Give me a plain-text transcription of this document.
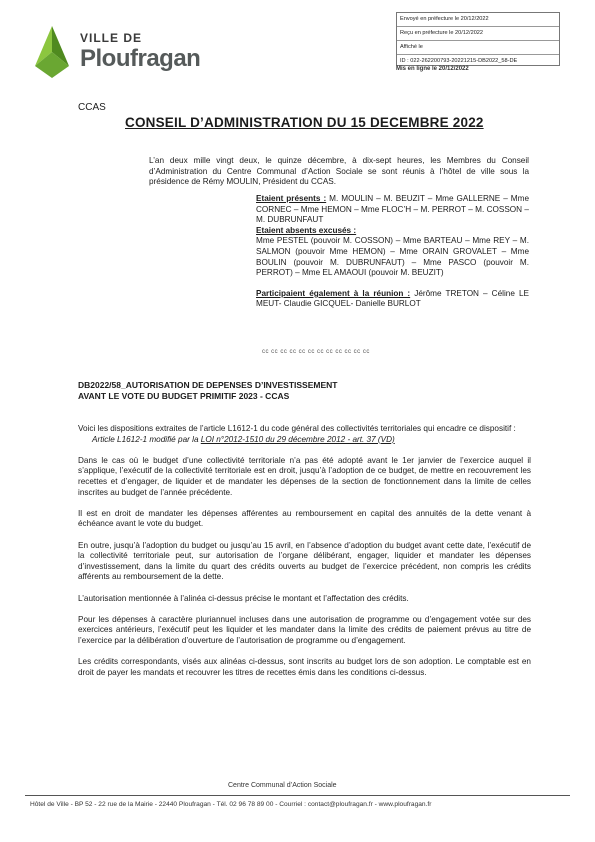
VILLE DE
Ploufragan
Envoyé en préfecture le 20/12/2022
Reçu en préfecture le 20/12/2022
Affiché le
ID : 022-262200793-20221215-DB2022_58-DE
Mis en ligne le 20/12/2022
CCAS
CONSEIL D’ADMINISTRATION DU 15 DECEMBRE 2022
L’an deux mille vingt deux, le quinze décembre, à dix-sept heures, les Membres du Conseil d’Administration du Centre Communal d’Action Sociale se sont réunis à l’hôtel de ville sous la présidence de Rémy MOULIN, Président du CCAS.

Etaient présents : M. MOULIN – M. BEUZIT – Mme GALLERNE – Mme CORNEC – Mme HEMON – Mme FLOC’H – M. PERROT – M. COSSON – M. DUBRUNFAUT

Etaient absents excusés :

Mme PESTEL (pouvoir M. COSSON) – Mme BARTEAU – Mme REY – M. SALMON (pouvoir Mme HEMON) – Mme ORAIN GROVALET – Mme BOULIN (pouvoir M. DUBRUNFAUT) – Mme PASCO (pouvoir M. PERROT) – Mme EL AMAOUI (pouvoir M. BEUZIT)

Participaient également à la réunion : Jérôme TRETON – Céline LE MEUT- Claudie GICQUEL- Danielle BURLOT

cc cc cc cc cc cc cc cc cc cc cc cc
DB2022/58_AUTORISATION DE DEPENSES D’INVESTISSEMENT
AVANT LE VOTE DU BUDGET PRIMITIF 2023 - CCAS

Voici les dispositions extraites de l’article L1612-1 du code général des collectivités territoriales qui encadre ce dispositif :

Article L1612-1 modifié par la LOI n°2012-1510 du 29 décembre 2012 - art. 37 (VD)

Dans le cas où le budget d’une collectivité territoriale n’a pas été adopté avant le 1er janvier de l’exercice auquel il s’applique, l’exécutif de la collectivité territoriale est en droit, jusqu’à l’adoption de ce budget, de mettre en recouvrement les recettes et d’engager, de liquider et de mandater les dépenses de la section de fonctionnement dans la limite de celles inscrites au budget de l’année précédente.

Il est en droit de mandater les dépenses afférentes au remboursement en capital des annuités de la dette venant à échéance avant le vote du budget.

En outre, jusqu’à l’adoption du budget ou jusqu’au 15 avril, en l’absence d’adoption du budget avant cette date, l’exécutif de la collectivité territoriale peut, sur autorisation de l’organe délibérant, engager, liquider et mandater les dépenses d’investissement, dans la limite du quart des crédits ouverts au budget de l’exercice précédent, non compris les crédits afférents au remboursement de la dette.

L’autorisation mentionnée à l’alinéa ci-dessus précise le montant et l’affectation des crédits.

Pour les dépenses à caractère pluriannuel incluses dans une autorisation de programme ou d’engagement votée sur des exercices antérieurs, l’exécutif peut les liquider et les mandater dans la limite des crédits de paiement prévus au titre de l’exercice par la délibération d’ouverture de l’autorisation de programme ou d’engagement.

Les crédits correspondants, visés aux alinéas ci-dessus, sont inscrits au budget lors de son adoption. Le comptable est en droit de payer les mandats et recouvrer les titres de recettes émis dans les conditions ci-dessus.

Centre Communal d’Action Sociale
Hôtel de Ville - BP 52 - 22 rue de la Mairie - 22440 Ploufragan - Tél. 02 96 78 89 00 - Courriel : contact@ploufragan.fr - www.ploufragan.fr
